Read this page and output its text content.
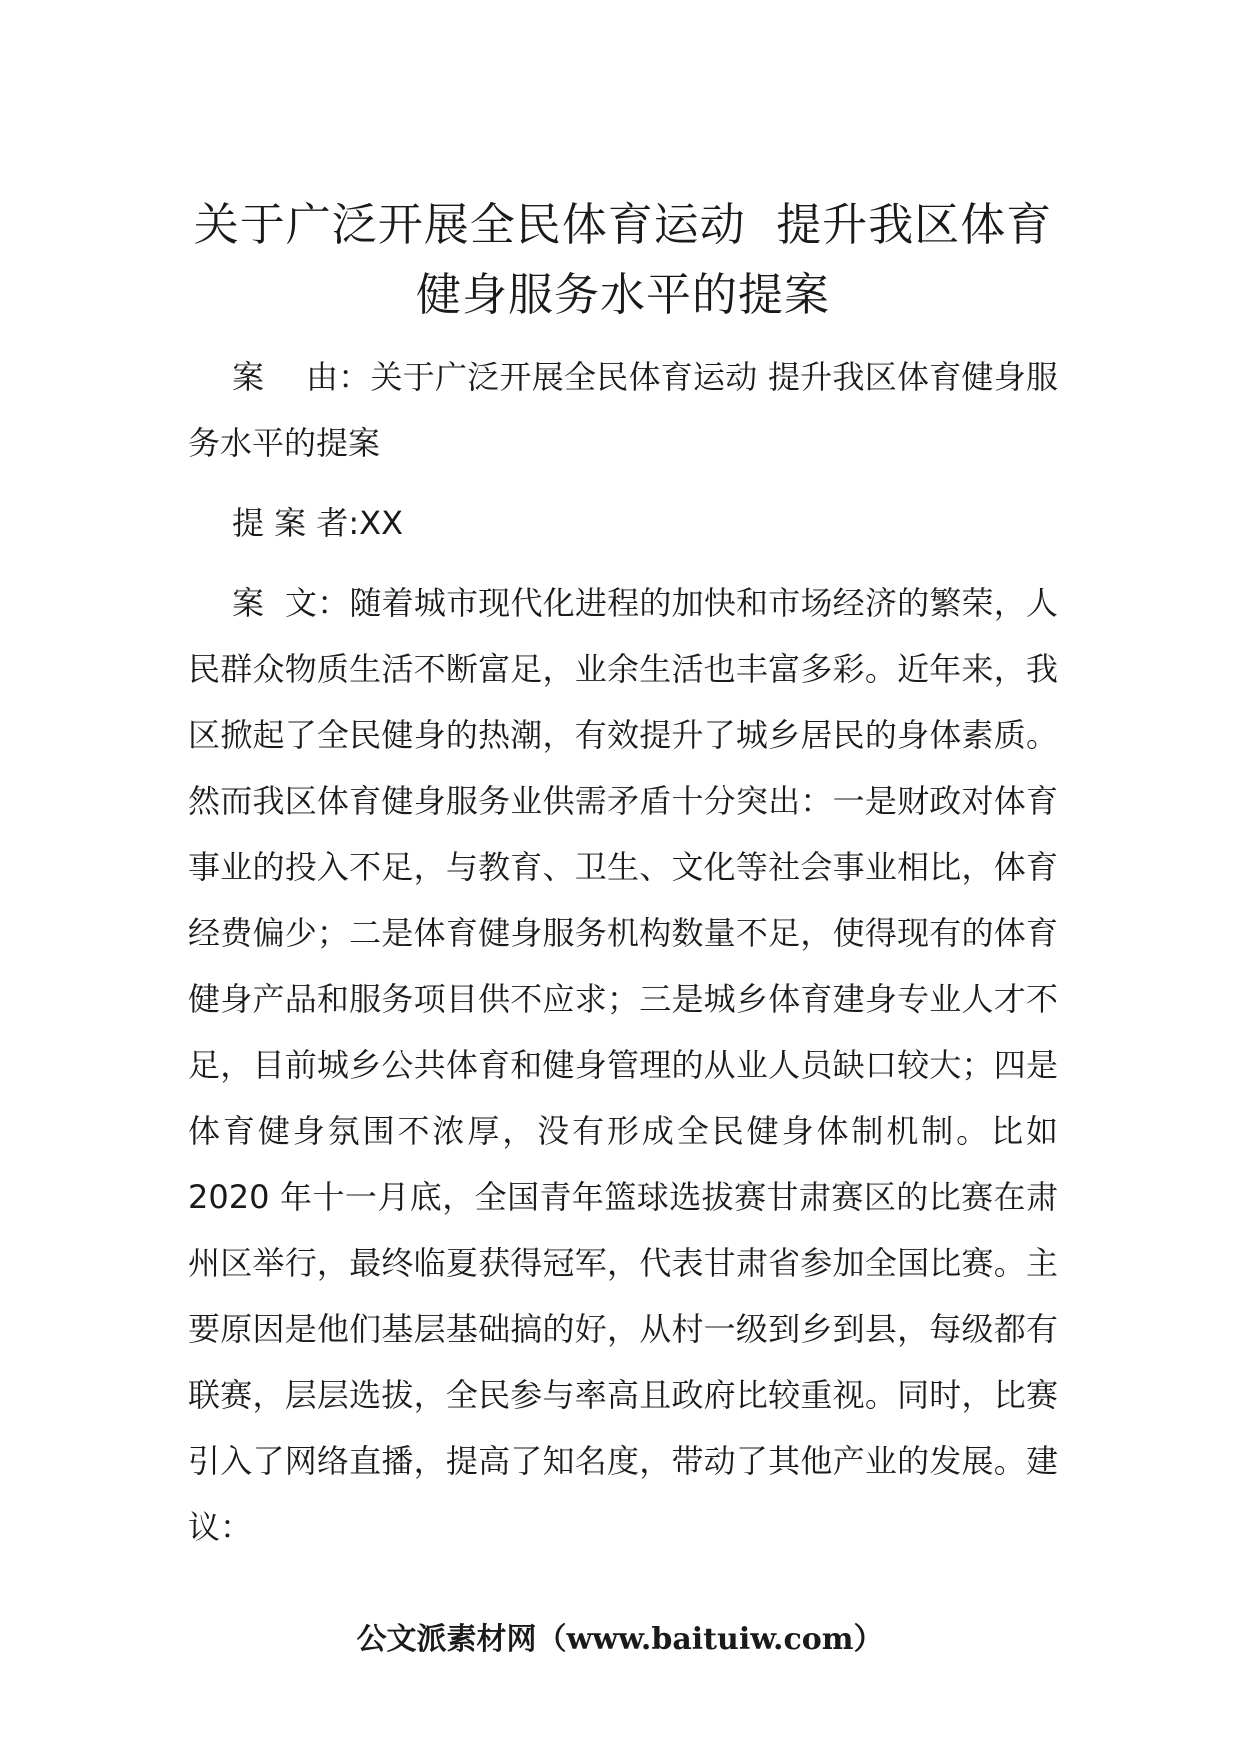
关于广泛开展全民体育运动  提升我区体育
健身服务水平的提案

案    由：关于广泛开展全民体育运动 提升我区体育健身服务水平的提案

提 案 者:XX

案  文：随着城市现代化进程的加快和市场经济的繁荣，人民群众物质生活不断富足，业余生活也丰富多彩。近年来，我区掀起了全民健身的热潮，有效提升了城乡居民的身体素质。然而我区体育健身服务业供需矛盾十分突出：一是财政对体育事业的投入不足，与教育、卫生、文化等社会事业相比，体育经费偏少；二是体育健身服务机构数量不足，使得现有的体育健身产品和服务项目供不应求；三是城乡体育建身专业人才不足，目前城乡公共体育和健身管理的从业人员缺口较大；四是体育健身氛围不浓厚，没有形成全民健身体制机制。比如 2020 年十一月底，全国青年篮球选拔赛甘肃赛区的比赛在肃州区举行，最终临夏获得冠军，代表甘肃省参加全国比赛。主要原因是他们基层基础搞的好，从村一级到乡到县，每级都有联赛，层层选拔，全民参与率高且政府比较重视。同时，比赛引入了网络直播，提高了知名度，带动了其他产业的发展。建议：

公文派素材网（www.baituiw.com）
